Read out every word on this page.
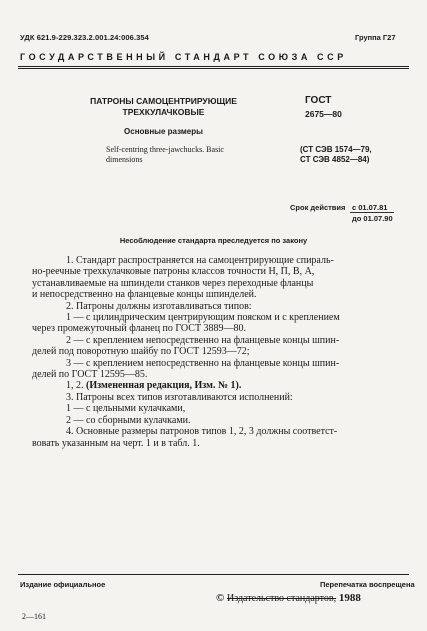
УДК 621.9-229.323.2.001.24:006.354	Группа Г27
ГОСУДАРСТВЕННЫЙ СТАНДАРТ СОЮЗА ССР
ПАТРОНЫ САМОЦЕНТРИРУЮЩИЕ ТРЕХКУЛАЧКОВЫЕ
Основные размеры
Self-centring three-jawchucks. Basic dimensions
ГОСТ
2675—80
(СТ СЭВ 1574—79,
СТ СЭВ 4852—84)
Срок действия с 01.07.81
до 01.07.90
Несоблюдение стандарта преследуется по закону

1. Стандарт распространяется на самоцентрирующие спираль-

но-реечные трехкулачковые патроны классов точности Н, П, В, А,

устанавливаемые на шпиндели станков через переходные фланцы

и непосредственно на фланцевые концы шпинделей.

2. Патроны должны изготавливаться типов:

1 — с цилиндрическим центрирующим пояском и с креплением

через промежуточный фланец по ГОСТ 3889—80.

2 — с креплением непосредственно на фланцевые концы шпин-

делей под поворотную шайбу по ГОСТ 12593—72;

3 — с креплением непосредственно на фланцевые концы шпин-

делей по ГОСТ 12595—85.

1, 2. (Измененная редакция, Изм. № 1).

3. Патроны всех типов изготавливаются исполнений:

1 — с цельными кулачками,

2 — со сборными кулачками.

4. Основные размеры патронов типов 1, 2, 3 должны соответст-

вовать указанным на черт. 1 и в табл. 1.

Издание официальное	Перепечатка воспрещена
© Издательство стандартов, 1988
2—161
